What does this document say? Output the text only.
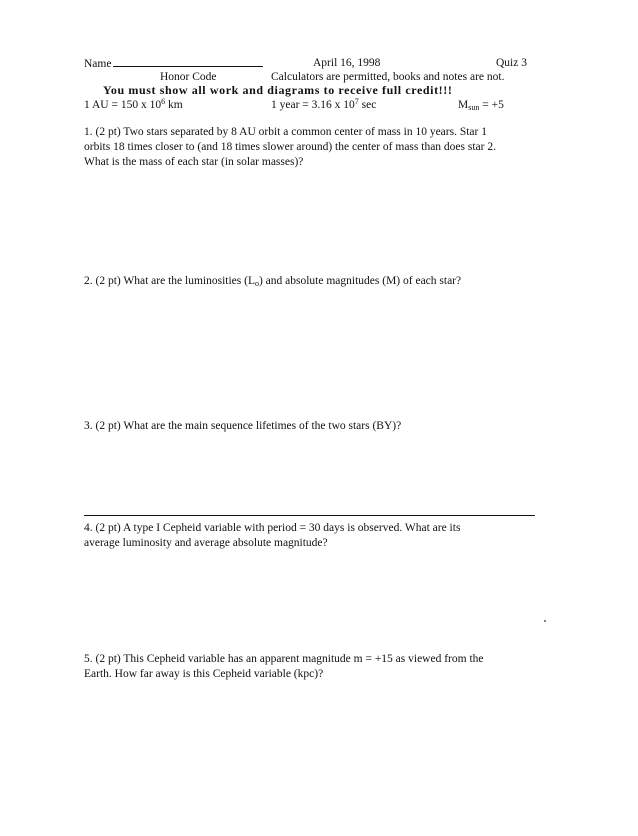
Name	April 16, 1998	Quiz 3
Honor Code	Calculators are permitted, books and notes are not.
You must show all work and diagrams to receive full credit!!!
1 AU = 150 x $10^6$ km	1 year = 3.16 x $10^7$ sec	$M_{sun} = +5$
1. (2 pt) Two stars separated by 8 AU orbit a common center of mass in 10 years. Star 1
orbits 18 times closer to (and 18 times slower around) the center of mass than does star 2.
What is the mass of each star (in solar masses)?
2. (2 pt) What are the luminosities $(L_o)$ and absolute magnitudes (M) of each star?
3. (2 pt) What are the main sequence lifetimes of the two stars (BY)?
4. (2 pt) A type I Cepheid variable with period = 30 days is observed. What are its
average luminosity and average absolute magnitude?
5. (2 pt) This Cepheid variable has an apparent magnitude m = +15 as viewed from the
Earth. How far away is this Cepheid variable (kpc)?
